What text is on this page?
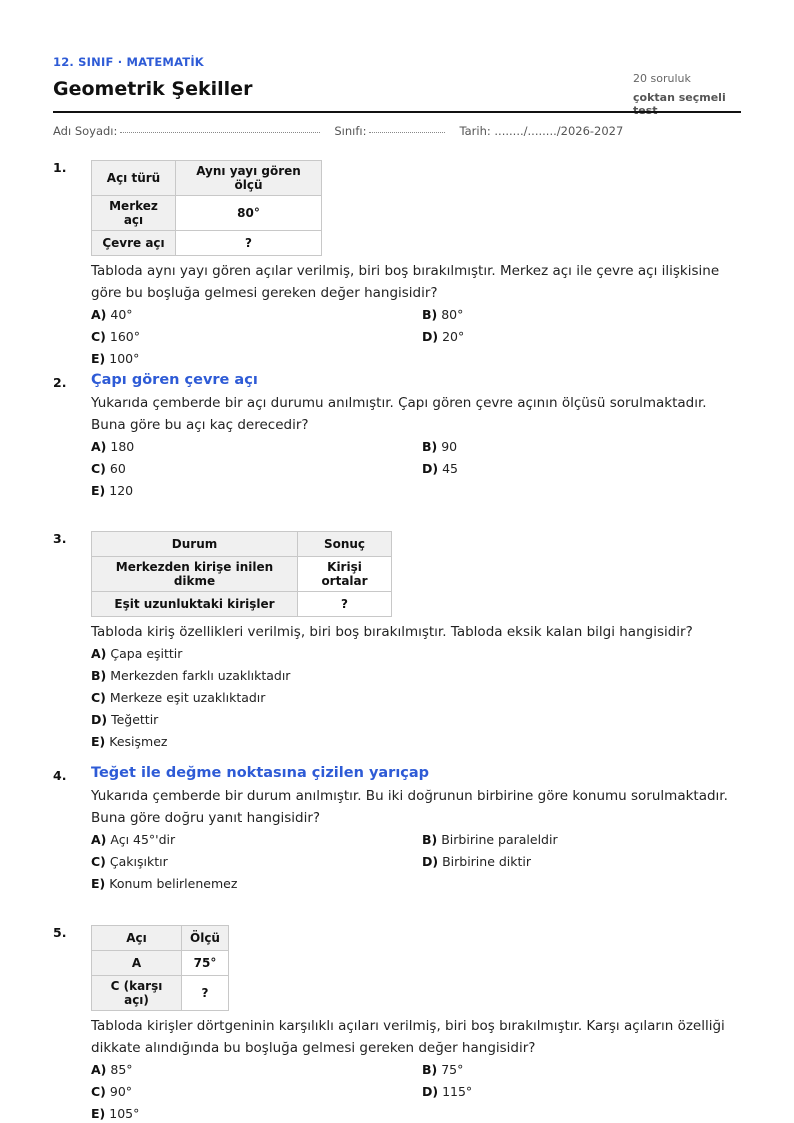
12. SINIF · MATEMATİK
Geometrik Şekiller	20 soruluk
çoktan seçmeli test
Adı Soyadı:	Sınıfı:	Tarih: ......../......../2026-2027
1.
Açı türü	Aynı yayı gören ölçü
Merkez açı	80°
Çevre açı	?
Tabloda aynı yayı gören açılar verilmiş, biri boş bırakılmıştır. Merkez açı ile çevre açı ilişkisine göre bu boşluğa gelmesi gereken değer hangisidir?
A) 40°	B) 80°
C) 160°	D) 20°
E) 100°
2. Çapı gören çevre açı
Yukarıda çemberde bir açı durumu anılmıştır. Çapı gören çevre açının ölçüsü sorulmaktadır. Buna göre bu açı kaç derecedir?
A) 180	B) 90
C) 60	D) 45
E) 120
3.	Durum	Sonuç
Merkezden kirişe inilen dikme	Kirişi ortalar
Eşit uzunluktaki kirişler	?
Tabloda kiriş özellikleri verilmiş, biri boş bırakılmıştır. Tabloda eksik kalan bilgi hangisidir?
A) Çapa eşittir
B) Merkezden farklı uzaklıktadır
C) Merkeze eşit uzaklıktadır
D) Teğettir
E) Kesişmez
4. Teğet ile değme noktasına çizilen yarıçap
Yukarıda çemberde bir durum anılmıştır. Bu iki doğrunun birbirine göre konumu sorulmaktadır. Buna göre doğru yanıt hangisidir?
A) Açı 45°'dir	B) Birbirine paraleldir
C) Çakışıktır	D) Birbirine diktir
E) Konum belirlenemez
5.	Açı	Ölçü
A	75°
C (karşı açı)	?
Tabloda kirişler dörtgeninin karşılıklı açıları verilmiş, biri boş bırakılmıştır. Karşı açıların özelliği dikkate alındığında bu boşluğa gelmesi gereken değer hangisidir?
A) 85°	B) 75°
C) 90°	D) 115°
E) 105°
